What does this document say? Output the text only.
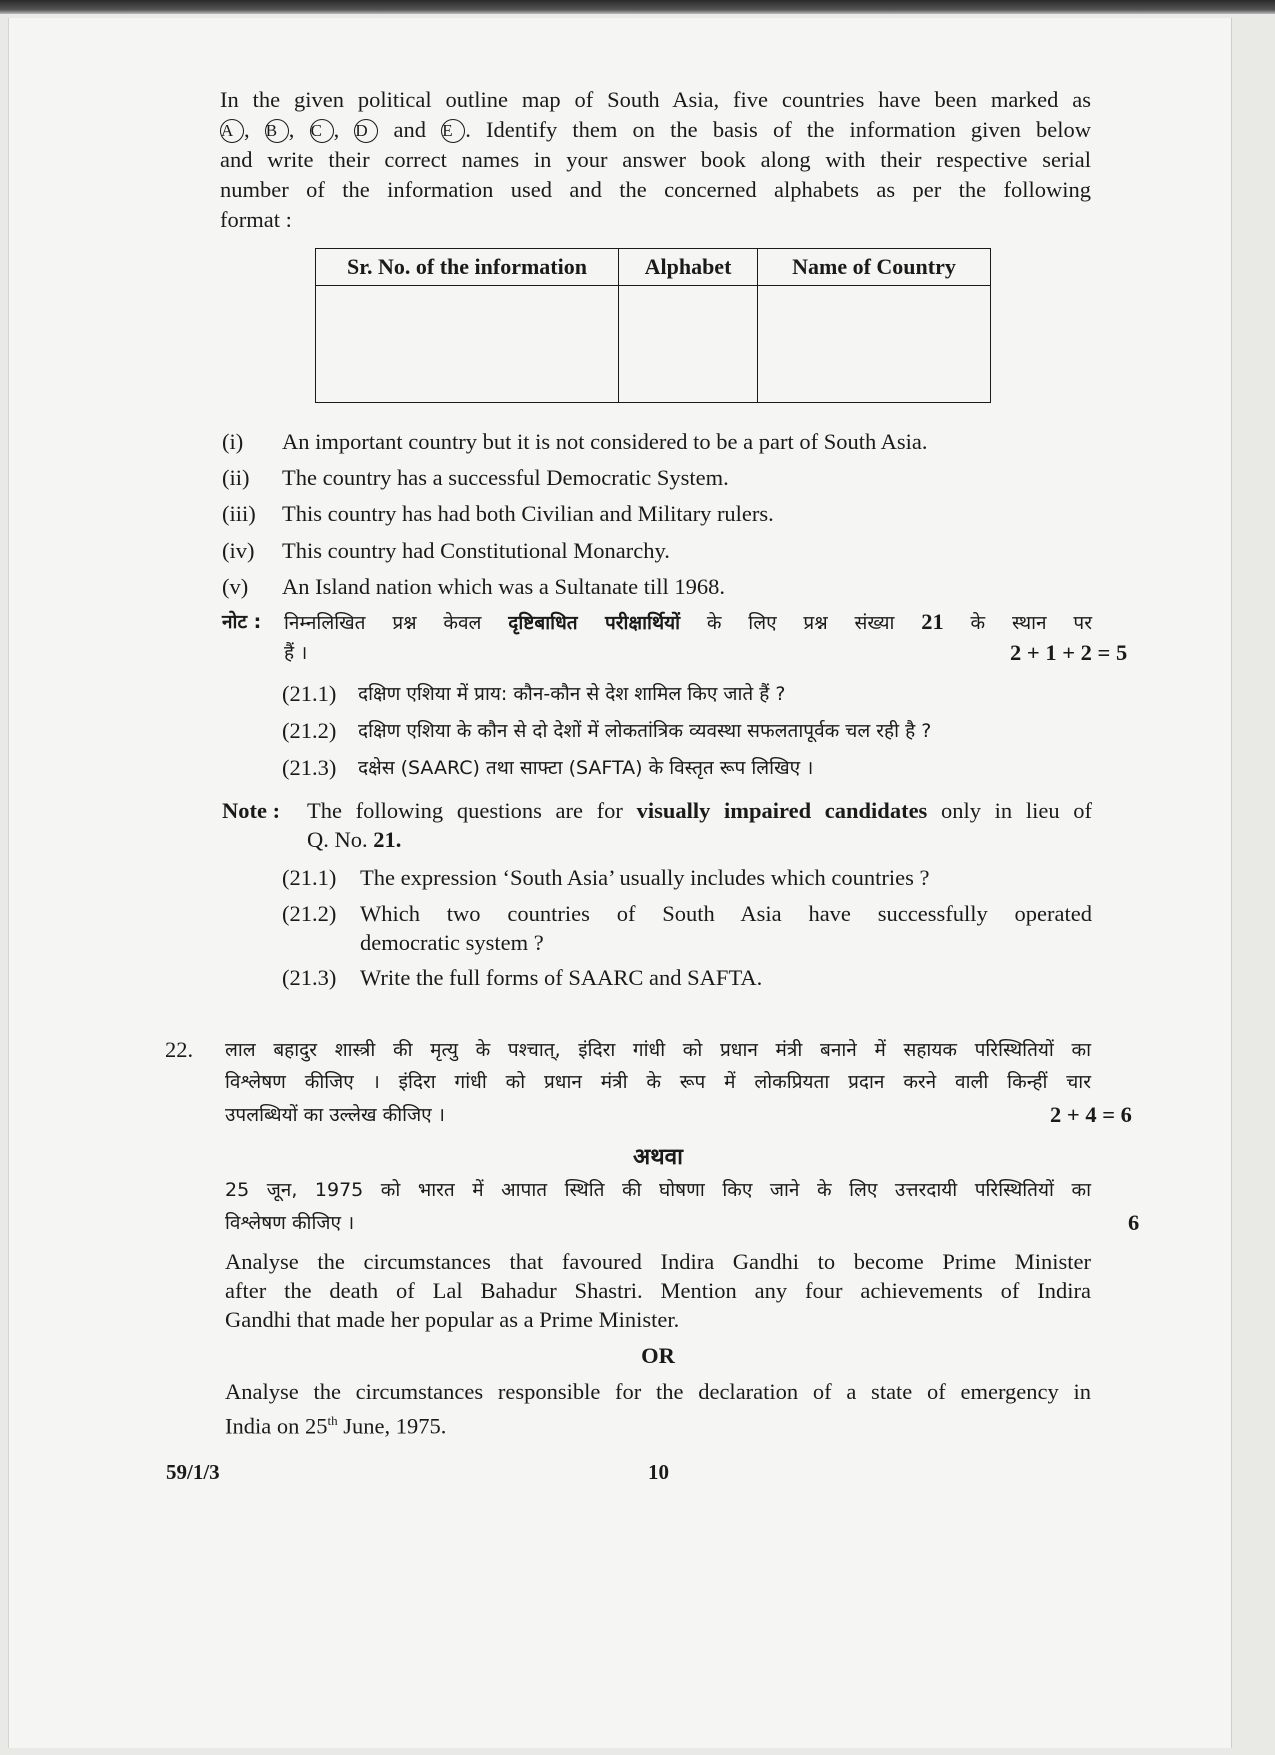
In the given political outline map of South Asia, five countries have been marked as
A , B , C , D and E . Identify them on the basis of the information given below
and write their correct names in your answer book along with their respective serial
number of the information used and the concerned alphabets as per the following
format :
Sr. No. of the information	Alphabet	Name of Country

(i) An important country but it is not considered to be a part of South Asia.
(ii) The country has a successful Democratic System.
(iii) This country has had both Civilian and Military rulers.
(iv) This country had Constitutional Monarchy.
(v) An Island nation which was a Sultanate till 1968.
नोट : निम्नलिखित प्रश्न केवल दृष्टिबाधित परीक्षार्थियों के लिए प्रश्न संख्या 21 के स्थान पर
हैं ।	2 + 1 + 2 = 5
(21.1) दक्षिण एशिया में प्राय: कौन-कौन से देश शामिल किए जाते हैं ?
(21.2) दक्षिण एशिया के कौन से दो देशों में लोकतांत्रिक व्यवस्था सफलतापूर्वक चल रही है ?
(21.3) दक्षेस (SAARC) तथा साफ्टा (SAFTA) के विस्तृत रूप लिखिए ।
Note : The following questions are for visually impaired candidates only in lieu of
Q. No. 21.
(21.1) The expression ‘South Asia’ usually includes which countries ?
(21.2) Which two countries of South Asia have successfully operated
democratic system ?
(21.3) Write the full forms of SAARC and SAFTA.
22. लाल बहादुर शास्त्री की मृत्यु के पश्चात्, इंदिरा गांधी को प्रधान मंत्री बनाने में सहायक परिस्थितियों का
विश्लेषण कीजिए । इंदिरा गांधी को प्रधान मंत्री के रूप में लोकप्रियता प्रदान करने वाली किन्हीं चार
उपलब्धियों का उल्लेख कीजिए ।	2 + 4 = 6
अथवा
25 जून, 1975 को भारत में आपात स्थिति की घोषणा किए जाने के लिए उत्तरदायी परिस्थितियों का
विश्लेषण कीजिए ।	6
Analyse the circumstances that favoured Indira Gandhi to become Prime Minister
after the death of Lal Bahadur Shastri. Mention any four achievements of Indira
Gandhi that made her popular as a Prime Minister.
OR
Analyse the circumstances responsible for the declaration of a state of emergency in
India on 25th June, 1975.
59/1/3	10
